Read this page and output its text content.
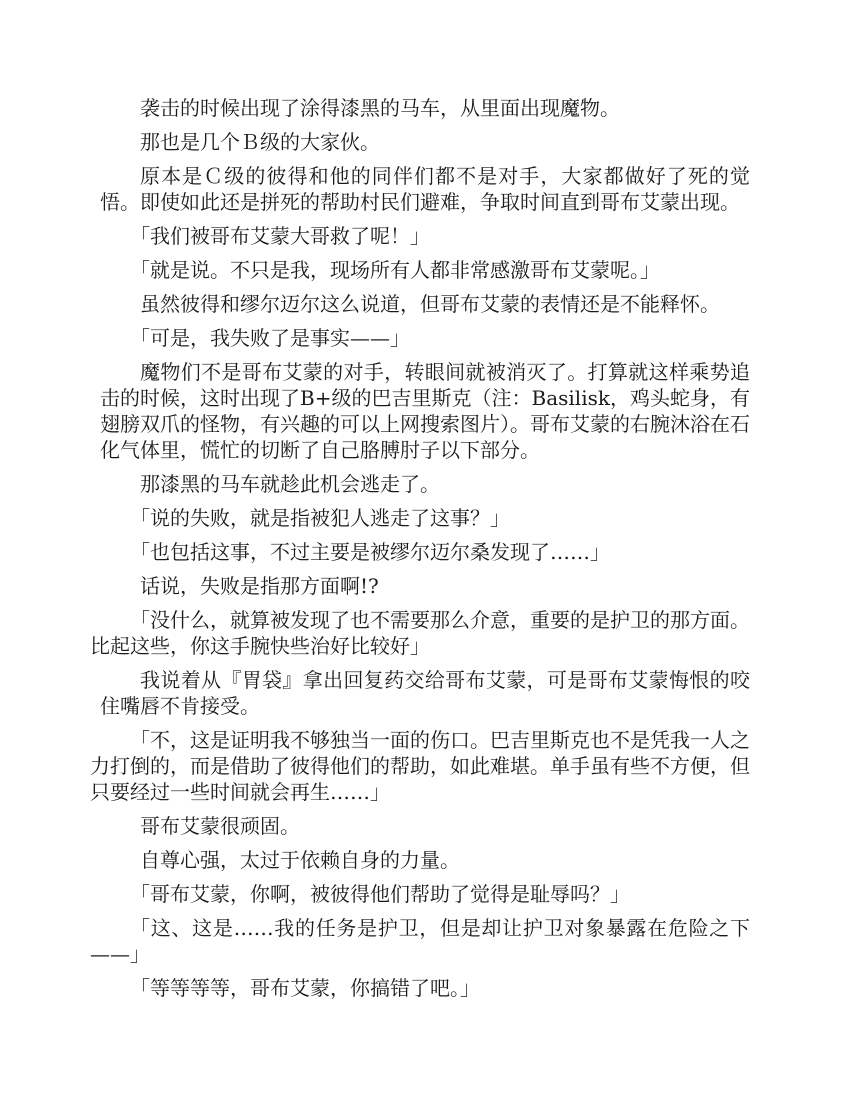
袭击的时候出现了涂得漆黑的马车，从里面出现魔物。

那也是几个Ｂ级的大家伙。

原本是Ｃ级的彼得和他的同伴们都不是对手，大家都做好了死的觉悟。即使如此还是拼死的帮助村民们避难，争取时间直到哥布艾蒙出现。

「我们被哥布艾蒙大哥救了呢！」

「就是说。不只是我，现场所有人都非常感激哥布艾蒙呢。」

虽然彼得和缪尔迈尔这么说道，但哥布艾蒙的表情还是不能释怀。

「可是，我失败了是事实——」

魔物们不是哥布艾蒙的对手，转眼间就被消灭了。打算就这样乘势追击的时候，这时出现了B+级的巴吉里斯克（注：Basilisk，鸡头蛇身，有翅膀双爪的怪物，有兴趣的可以上网搜索图片）。哥布艾蒙的右腕沐浴在石化气体里，慌忙的切断了自己胳膊肘子以下部分。

那漆黑的马车就趁此机会逃走了。

「说的失败，就是指被犯人逃走了这事？」

「也包括这事，不过主要是被缪尔迈尔桑发现了……」

话说，失败是指那方面啊!?

「没什么，就算被发现了也不需要那么介意，重要的是护卫的那方面。比起这些，你这手腕快些治好比较好」

我说着从『胃袋』拿出回复药交给哥布艾蒙，可是哥布艾蒙悔恨的咬住嘴唇不肯接受。

「不，这是证明我不够独当一面的伤口。巴吉里斯克也不是凭我一人之力打倒的，而是借助了彼得他们的帮助，如此难堪。单手虽有些不方便，但只要经过一些时间就会再生……」

哥布艾蒙很顽固。

自尊心强，太过于依赖自身的力量。

「哥布艾蒙，你啊，被彼得他们帮助了觉得是耻辱吗？」

「这、这是……我的任务是护卫，但是却让护卫对象暴露在危险之下——」

「等等等等，哥布艾蒙，你搞错了吧。」
